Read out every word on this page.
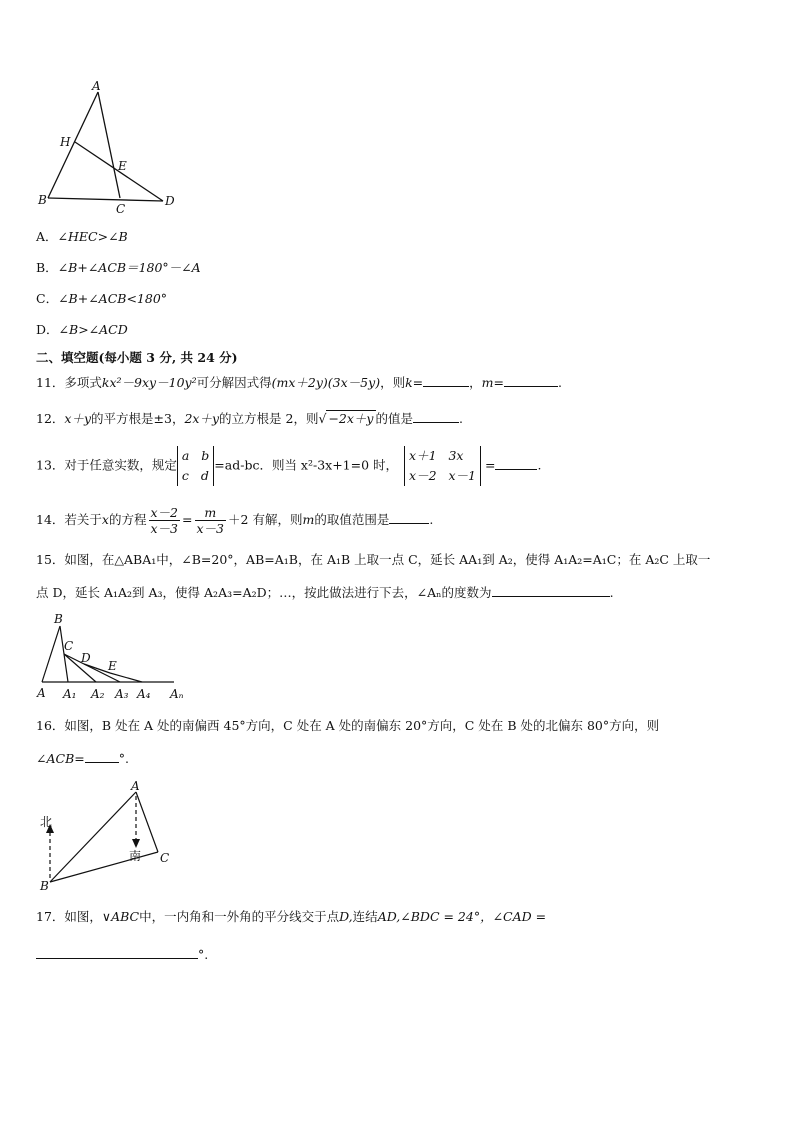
A
H
E
B
C
D
A．∠HEC>∠B
B．∠B+∠ACB＝180°－∠A
C．∠B+∠ACB<180°
D．∠B>∠ACD
二、填空题(每小题 3 分, 共 24 分)
11．多项式kx²－9xy－10y²可分解因式得(mx＋2y)(3x－5y)，则k=	，m=	.
12．x＋y的平方根是±3，2x＋y的立方根是 2，则√ −2x＋y 的值是	.
13．对于任意实数，规定
a   b
c   d
=ad-bc．则当 x²-3x+1=0 时，
x＋1   3x
x－2   x－1
=	.
14．若关于x的方程 $\frac{x-2}{x-3} = \frac{m}{x-3} +2$ 有解，则m的取值范围是	.
15．如图，在△ABA₁中，∠B=20°，AB=A₁B，在 A₁B 上取一点 C，延长 AA₁到 A₂，使得 A₁A₂=A₁C；在 A₂C 上取一
点 D，延长 A₁A₂到 A₃，使得 A₂A₃=A₂D；…，按此做法进行下去，∠Aₙ的度数为	.
B
C
D
E
A A₁ A₂ A₃ A₄ Aₙ
16．如图，B 处在 A 处的南偏西 45°方向，C 处在 A 处的南偏东 20°方向，C 处在 B 处的北偏东 80°方向，则
∠ACB=	°.
A
B
C
北
南
17．如图，∨ABC中，一内角和一外角的平分线交于点D,连结AD,∠BDC = 24°，∠CAD =
°.
